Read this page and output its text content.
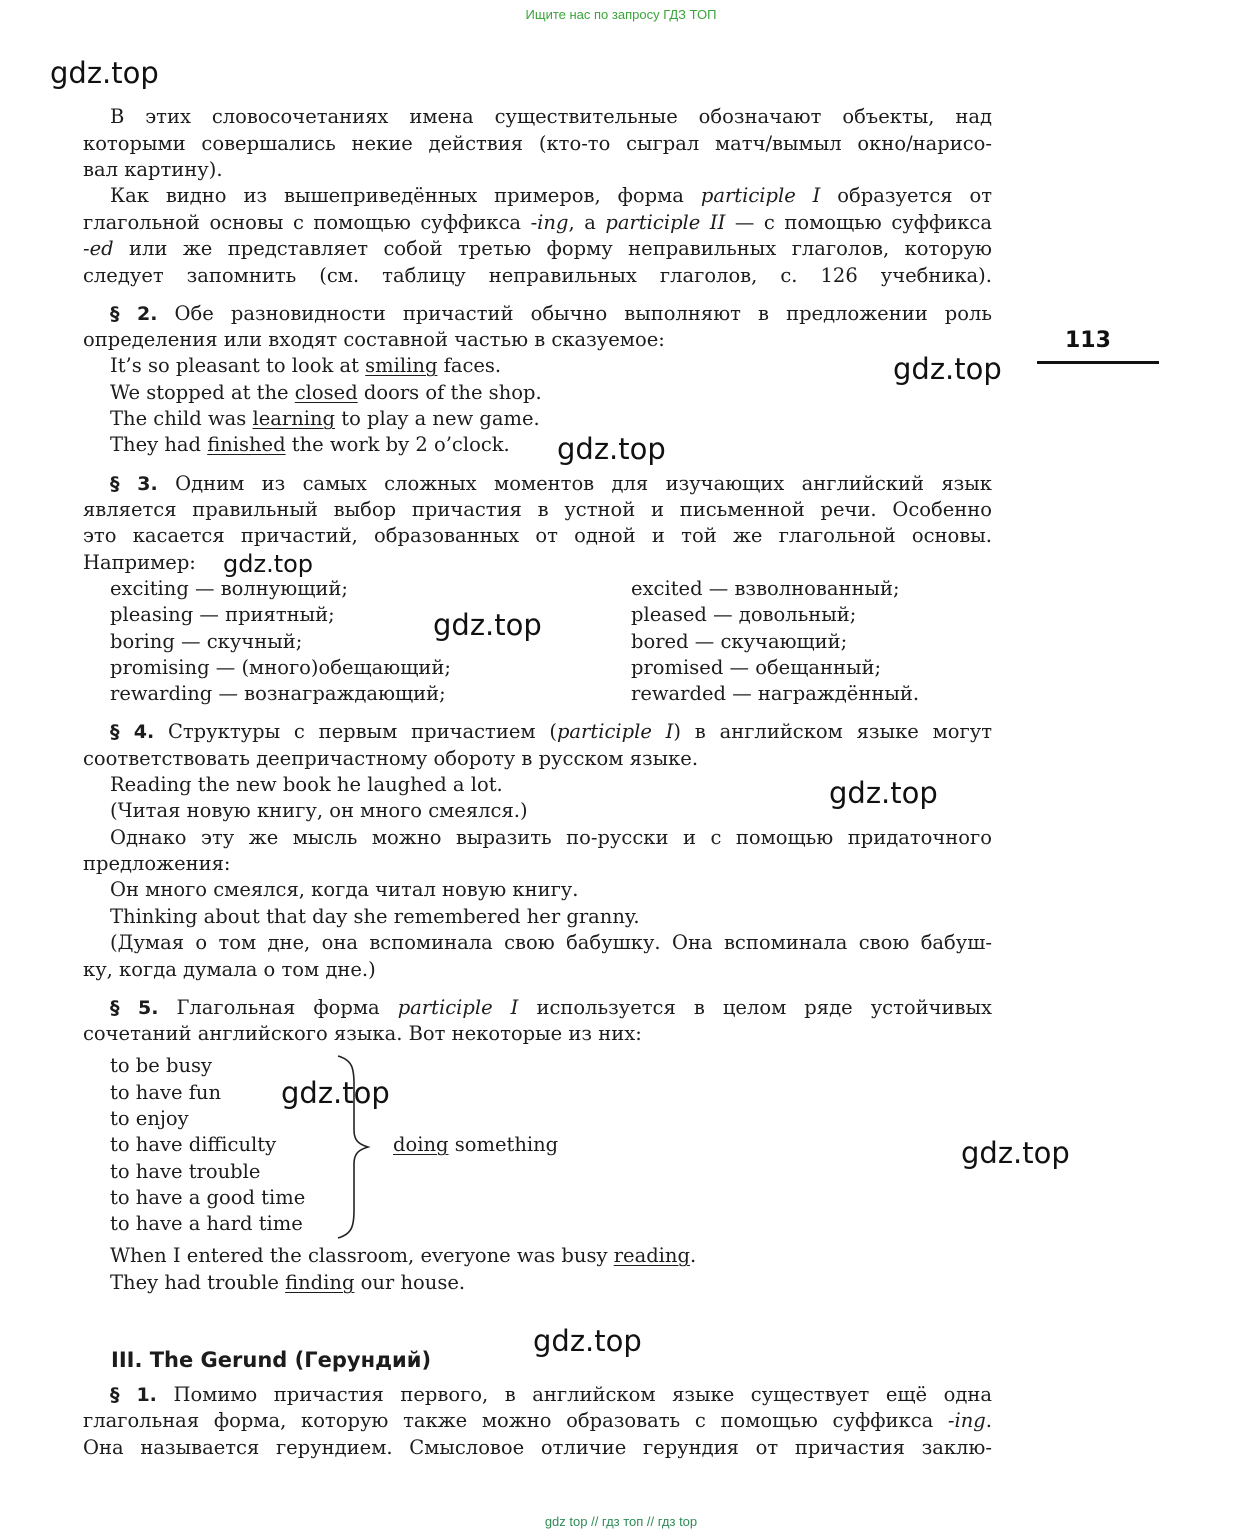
Ищите нас по запросу ГДЗ ТОП
gdz.top
gdz.top
gdz.top
gdz.top
gdz.top
gdz.top
gdz.top
gdz.top
gdz.top
113
В этих словосочетаниях имена существительные обозначают объекты, над
которыми совершались некие действия (кто-то сыграл матч/вымыл окно/нарисо-
вал картину).
Как видно из вышеприведённых примеров, форма participle I образуется от
глагольной основы с помощью суффикса -ing, а participle II — с помощью суффикса
-ed или же представляет собой третью форму неправильных глаголов, которую
следует запомнить (см. таблицу неправильных глаголов, с. 126 учебника).
§ 2. Обе разновидности причастий обычно выполняют в предложении роль
определения или входят составной частью в сказуемое:
It’s so pleasant to look at smiling faces.
We stopped at the closed doors of the shop.
The child was learning to play a new game.
They had finished the work by 2 o’clock.
§ 3. Одним из самых сложных моментов для изучающих английский язык
является правильный выбор причастия в устной и письменной речи. Особенно
это касается причастий, образованных от одной и той же глагольной основы.
Например:
exciting — волнующий;
pleasing — приятный;
boring — скучный;
promising — (много)обещающий;
rewarding — вознаграждающий;
excited — взволнованный;
pleased — довольный;
bored — скучающий;
promised — обещанный;
rewarded — награждённый.
§ 4. Структуры с первым причастием (participle I) в английском языке могут
соответствовать деепричастному обороту в русском языке.
Reading the new book he laughed a lot.
(Читая новую книгу, он много смеялся.)
Однако эту же мысль можно выразить по-русски и с помощью придаточного
предложения:
Он много смеялся, когда читал новую книгу.
Thinking about that day she remembered her granny.
(Думая о том дне, она вспоминала свою бабушку. Она вспоминала свою бабуш-
ку, когда думала о том дне.)
§ 5. Глагольная форма participle I используется в целом ряде устойчивых
сочетаний английского языка. Вот некоторые из них:
to be busy
to have fun
to enjoy
to have difficulty
to have trouble
to have a good time
to have a hard time
doing something
When I entered the classroom, everyone was busy reading.
They had trouble finding our house.
III. The Gerund (Герундий)
§ 1. Помимо причастия первого, в английском языке существует ещё одна
глагольная форма, которую также можно образовать с помощью суффикса -ing.
Она называется герундием. Смысловое отличие герундия от причастия заклю-
gdz top // гдз топ // гдз top
